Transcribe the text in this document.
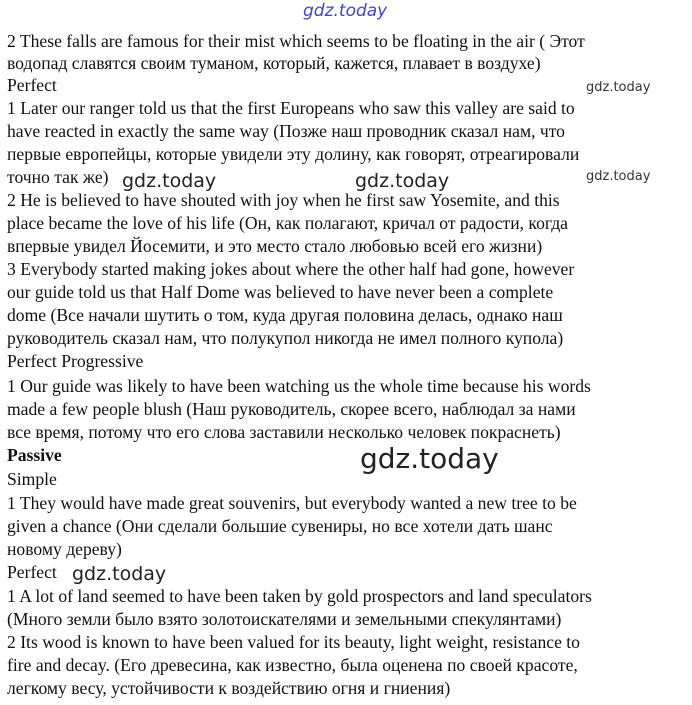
gdz.today
2 These falls are famous for their mist which seems to be floating in the air ( Этот
водопад славятся своим туманом, который, кажется, плавает в воздухе)
Perfect
1 Later our ranger told us that the first Europeans who saw this valley are said to
have reacted in exactly the same way (Позже наш проводник сказал нам, что
первые европейцы, которые увидели эту долину, как говорят, отреагировали
точно так же)
2 He is believed to have shouted with joy when he first saw Yosemite, and this
place became the love of his life (Он, как полагают, кричал от радости, когда
впервые увидел Йосемити, и это место стало любовью всей его жизни)
3 Everybody started making jokes about where the other half had gone, however
our guide told us that Half Dome was believed to have never been a complete
dome (Все начали шутить о том, куда другая половина делась, однако наш
руководитель сказал нам, что полукупол никогда не имел полного купола)
Perfect Progressive
1 Our guide was likely to have been watching us the whole time because his words
made a few people blush (Наш руководитель, скорее всего, наблюдал за нами
все время, потому что его слова заставили несколько человек покраснеть)
Passive
Simple
1 They would have made great souvenirs, but everybody wanted a new tree to be
given a chance (Они сделали большие сувениры, но все хотели дать шанс
новому дереву)
Perfect
1 A lot of land seemed to have been taken by gold prospectors and land speculators
(Много земли было взято золотоискателями и земельными спекулянтами)
2 Its wood is known to have been valued for its beauty, light weight, resistance to
fire and decay. (Его древесина, как известно, была оценена по своей красоте,
легкому весу, устойчивости к воздействию огня и гниения)
gdz.today
gdz.today
gdz.today	gdz.today
gdz.today
gdz.today
